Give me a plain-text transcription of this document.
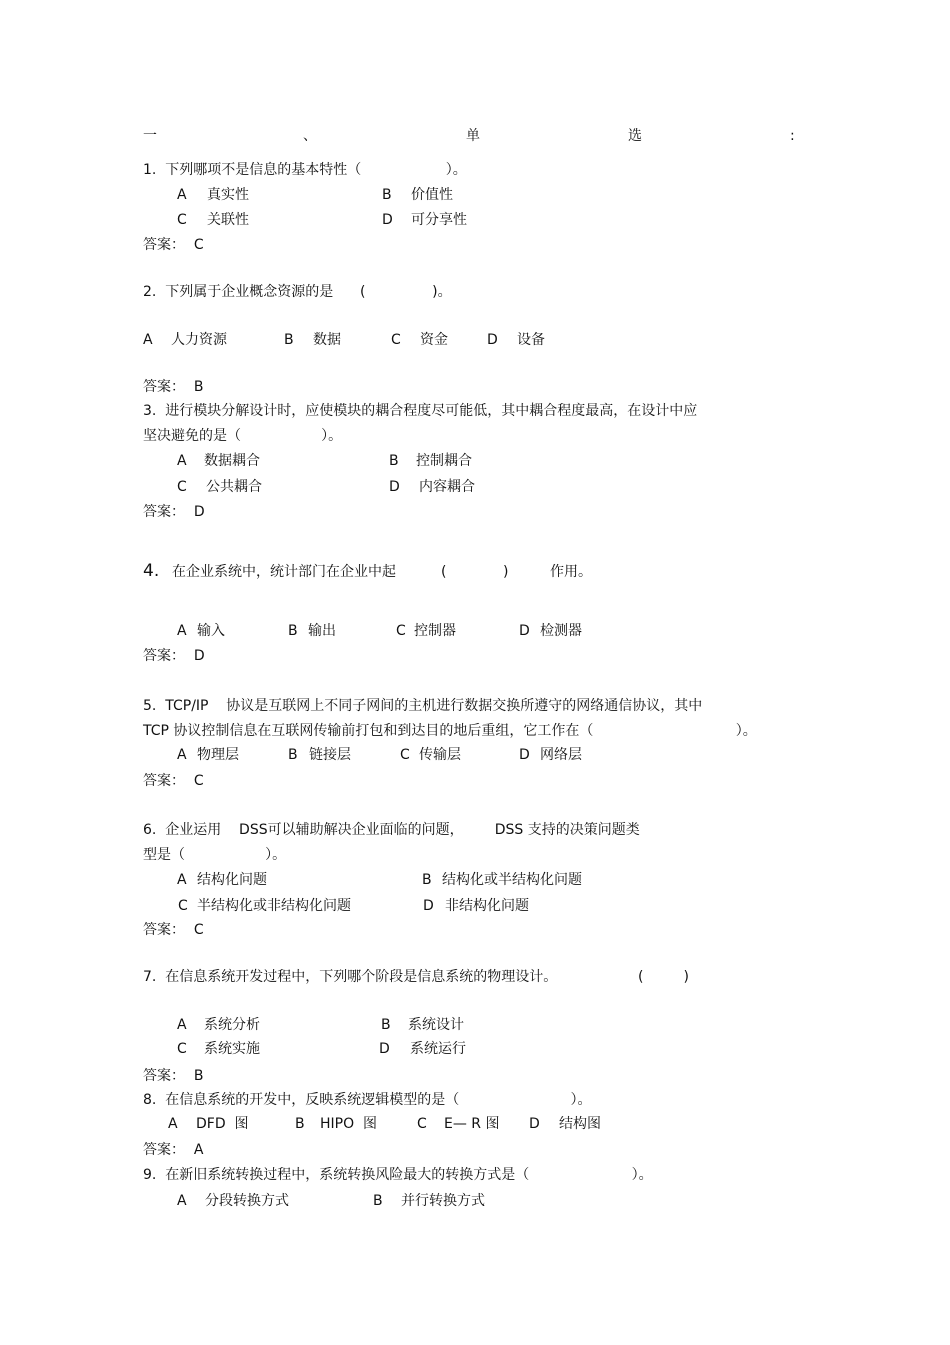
一	、	单	选	:
1.  下列哪项不是信息的基本特性（                   ）。
A 真实性	B 价值性
C 关联性	D 可分享性
答案：  C
2.  下列属于企业概念资源的是      (               )。
A 人力资源	B 数据	C 资金	D 设备
答案：  B
3.  进行模块分解设计时，应使模块的耦合程度尽可能低，其中耦合程度最高，在设计中应
坚决避免的是（                  ）。
A 数据耦合	B 控制耦合
C 公共耦合	D 内容耦合
答案：  D
4. 在企业系统中，统计部门在企业中起	(	)	作用。
A 输入	B 输出	C 控制器	D 检测器
答案：  D
5.  TCP/IP    协议是互联网上不同子网间的主机进行数据交换所遵守的网络通信协议，其中
TCP 协议控制信息在互联网传输前打包和到达目的地后重组，它工作在（                                ）。
A 物理层	B 链接层	C 传输层	D 网络层
答案：  C
6.  企业运用    DSS可以辅助解决企业面临的问题，       DSS 支持的决策问题类
型是（                  ）。
A 结构化问题	B 结构化或半结构化问题
C 半结构化或非结构化问题	D 非结构化问题
答案：  C
7.  在信息系统开发过程中，下列哪个阶段是信息系统的物理设计。	(         )
A 系统分析	B 系统设计
C 系统实施	D 系统运行
答案：  B
8.  在信息系统的开发中，反映系统逻辑模型的是（                         ）。
A DFD  图	B HIPO  图	C E— R 图 D 结构图
答案：  A
9.  在新旧系统转换过程中，系统转换风险最大的转换方式是（                       ）。
A 分段转换方式	B 并行转换方式
